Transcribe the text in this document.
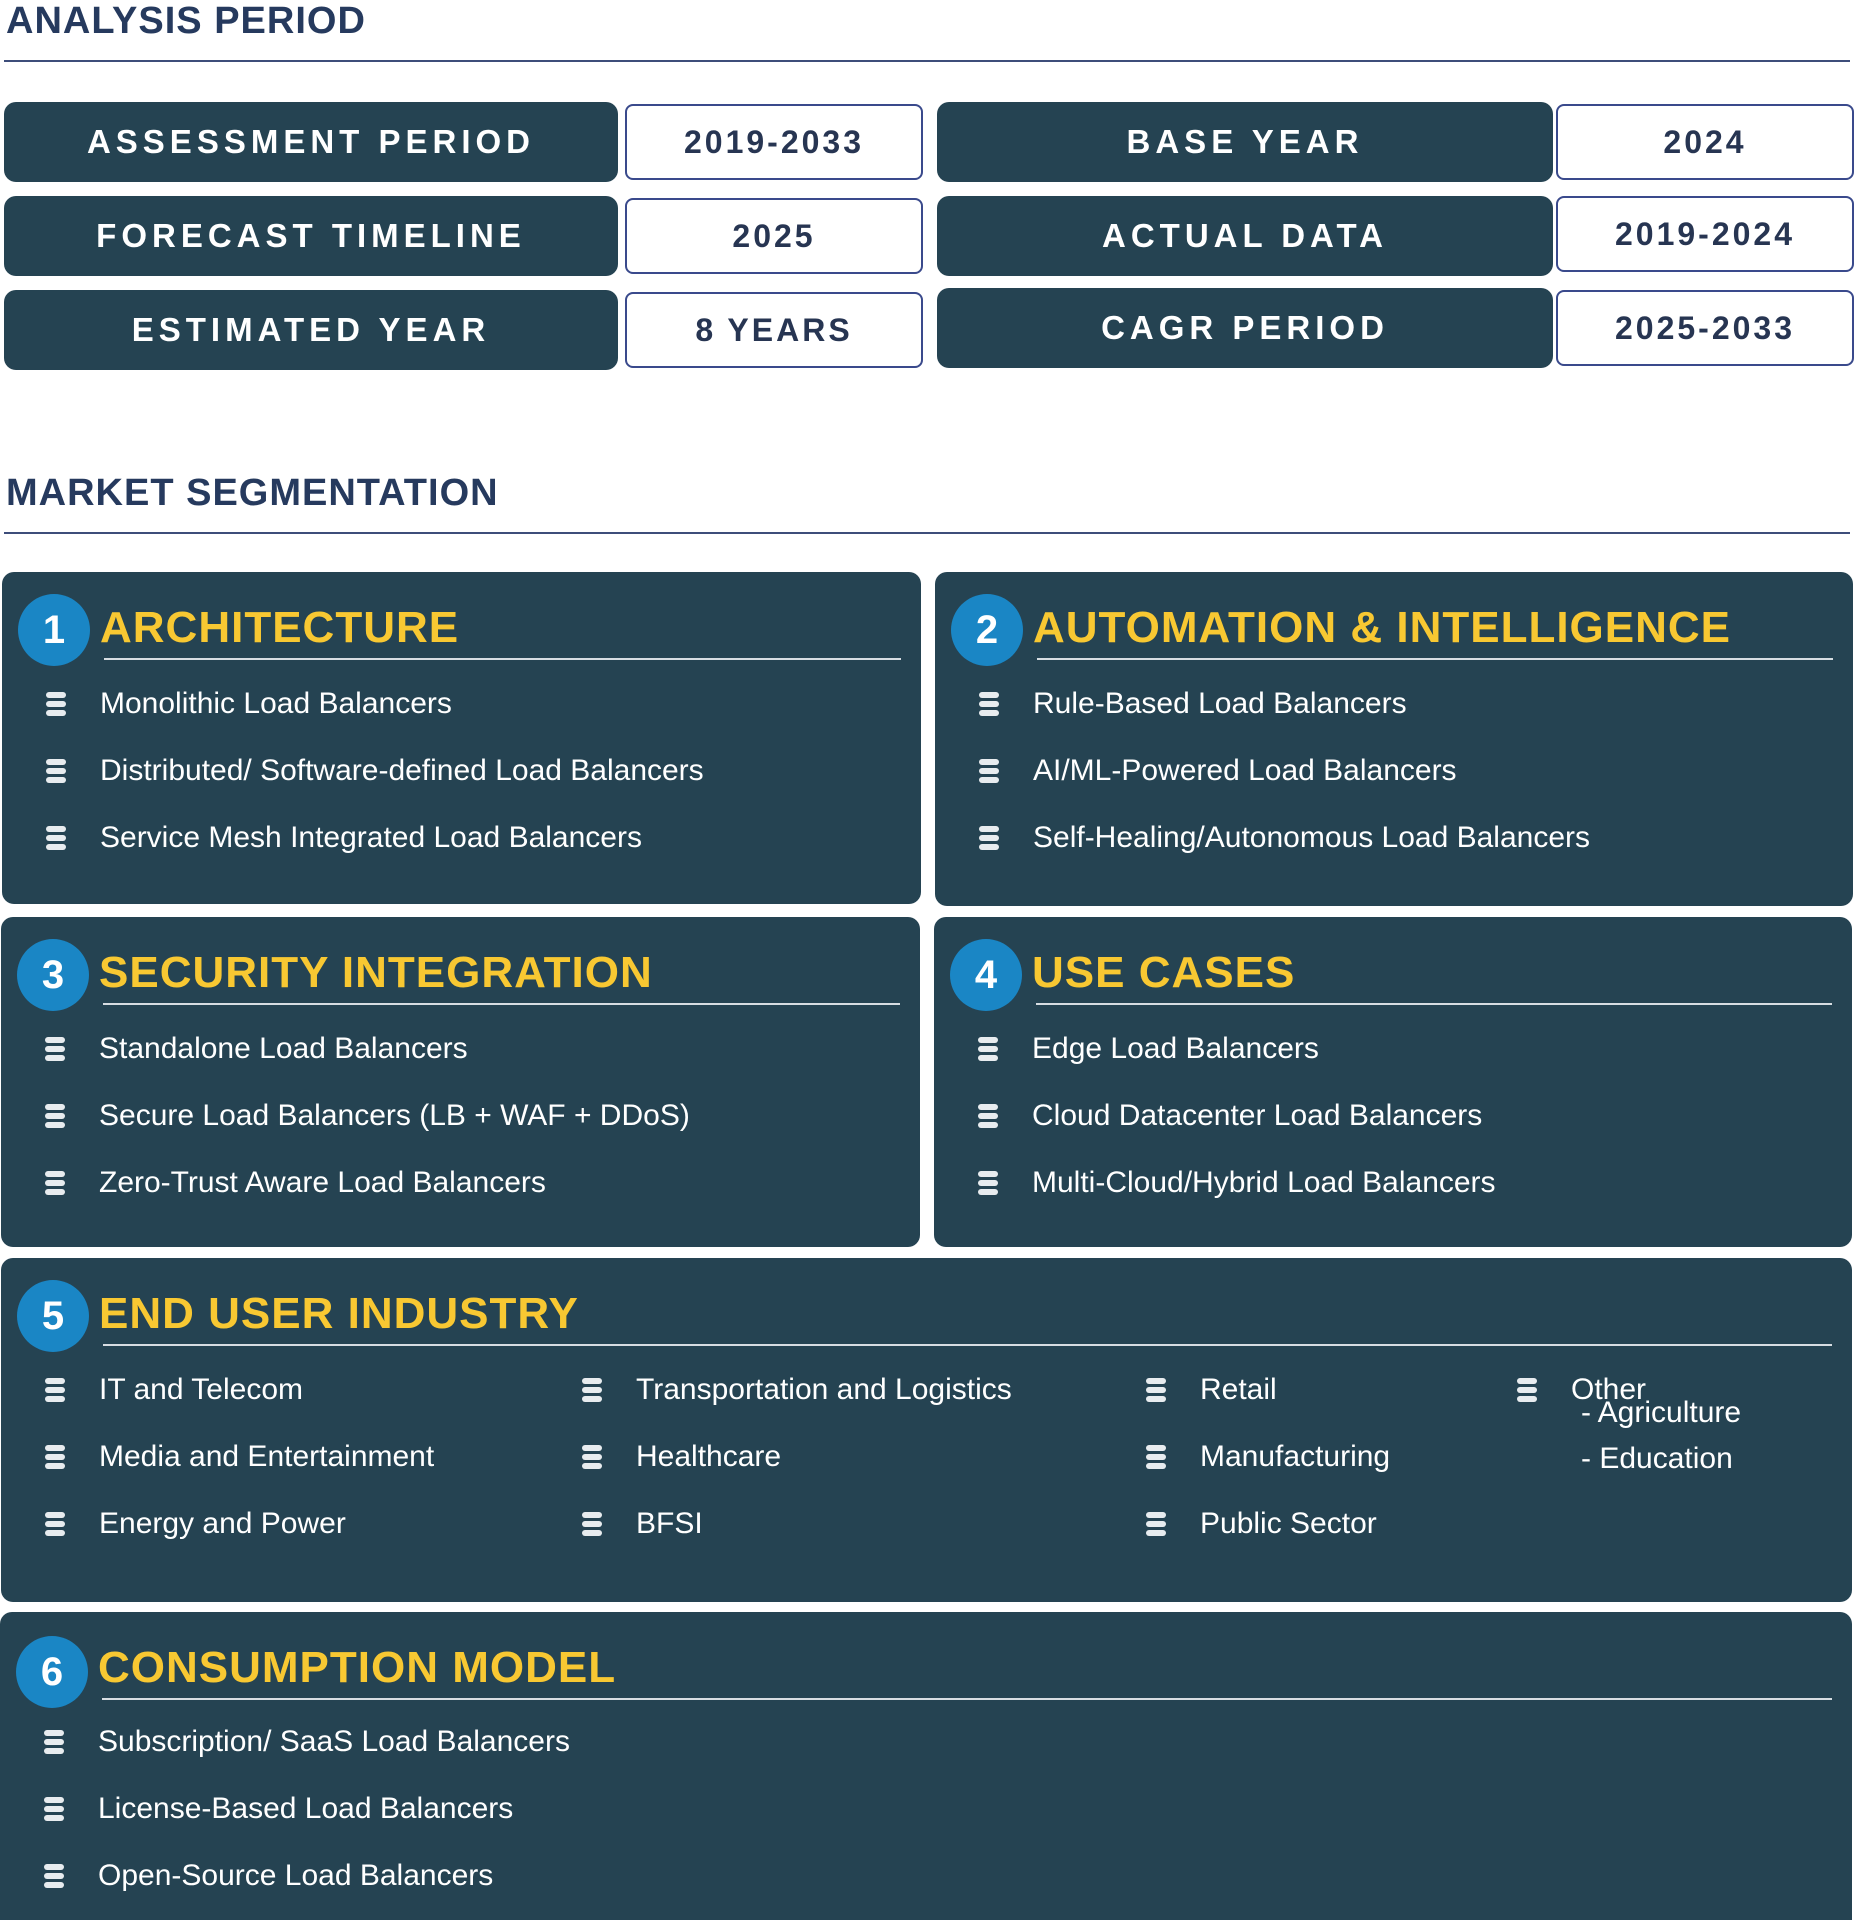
ANALYSIS PERIOD
ASSESSMENT PERIOD	2019-2033	BASE YEAR	2024
FORECAST TIMELINE	2025	ACTUAL DATA	2019-2024
ESTIMATED YEAR	8 YEARS	CAGR PERIOD	2025-2033
MARKET SEGMENTATION
1 ARCHITECTURE
Monolithic Load Balancers
Distributed/ Software-defined Load Balancers
Service Mesh Integrated Load Balancers
2 AUTOMATION & INTELLIGENCE
Rule-Based Load Balancers
AI/ML-Powered Load Balancers
Self-Healing/Autonomous Load Balancers
3 SECURITY INTEGRATION
Standalone Load Balancers
Secure Load Balancers (LB + WAF + DDoS)
Zero-Trust Aware Load Balancers
4 USE CASES
Edge Load Balancers
Cloud Datacenter Load Balancers
Multi-Cloud/Hybrid Load Balancers
5 END USER INDUSTRY
IT and Telecom
Media and Entertainment
Energy and Power
Transportation and Logistics
Healthcare
BFSI
Retail
Manufacturing
Public Sector
Other
- Agriculture
- Education
6 CONSUMPTION MODEL
Subscription/ SaaS Load Balancers
License-Based Load Balancers
Open-Source Load Balancers
